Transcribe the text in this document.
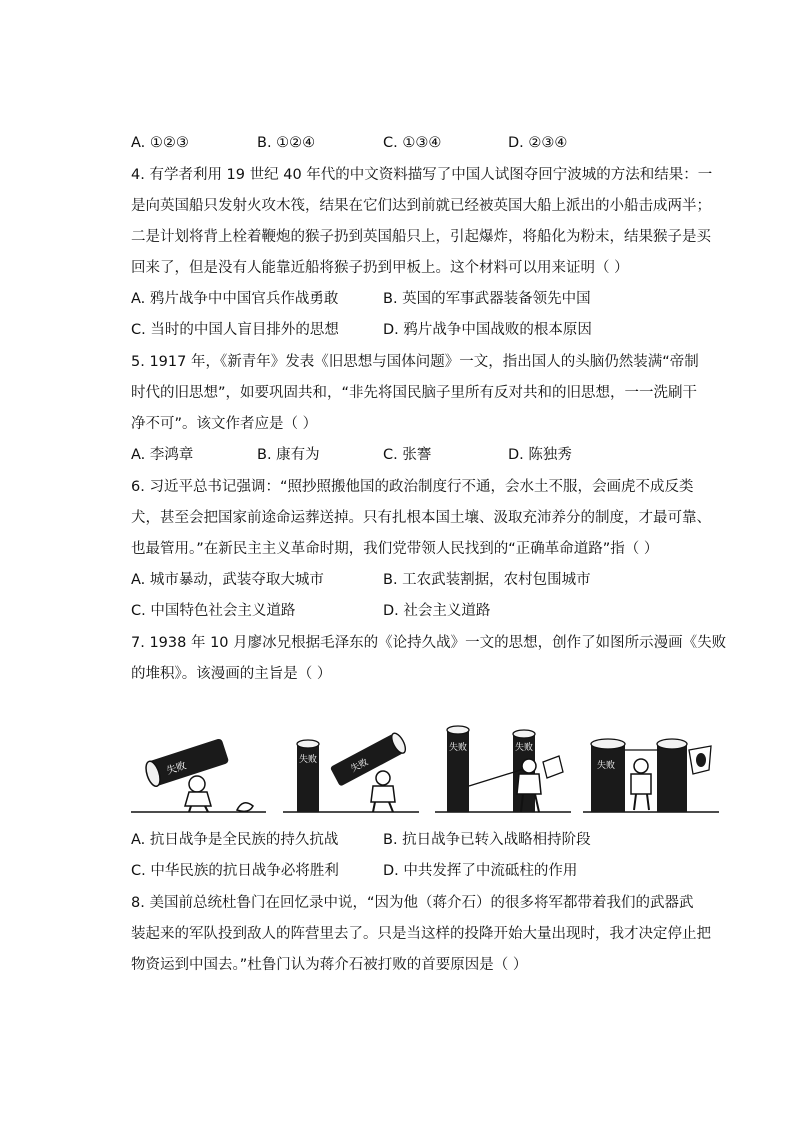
A. ①②③	B. ①②④	C. ①③④	D. ②③④
4. 有学者利用 19 世纪 40 年代的中文资料描写了中国人试图夺回宁波城的方法和结果：一
是向英国船只发射火攻木筏，结果在它们达到前就已经被英国大船上派出的小船击成两半；
二是计划将背上栓着鞭炮的猴子扔到英国船只上，引起爆炸，将船化为粉末，结果猴子是买
回来了，但是没有人能靠近船将猴子扔到甲板上。这个材料可以用来证明（ ）
A. 鸦片战争中中国官兵作战勇敢	B. 英国的军事武器装备领先中国
C. 当时的中国人盲目排外的思想	D. 鸦片战争中国战败的根本原因
5. 1917 年，《新青年》发表《旧思想与国体问题》一文，指出国人的头脑仍然装满“帝制
时代的旧思想”，如要巩固共和，“非先将国民脑子里所有反对共和的旧思想，一一洗刷干
净不可”。该文作者应是（ ）
A. 李鸿章	B. 康有为	C. 张謇	D. 陈独秀
6. 习近平总书记强调：“照抄照搬他国的政治制度行不通，会水土不服，会画虎不成反类
犬，甚至会把国家前途命运葬送掉。只有扎根本国土壤、汲取充沛养分的制度，才最可靠、
也最管用。”在新民主主义革命时期，我们党带领人民找到的“正确革命道路”指（ ）
A. 城市暴动，武装夺取大城市	B. 工农武装割据，农村包围城市
C. 中国特色社会主义道路	D. 社会主义道路
7. 1938 年 10 月廖冰兄根据毛泽东的《论持久战》一文的思想，创作了如图所示漫画《失败
的堆积》。该漫画的主旨是（ ）
失败
失败	失败
失败	失败
失败
A. 抗日战争是全民族的持久抗战	B. 抗日战争已转入战略相持阶段
C. 中华民族的抗日战争必将胜利	D. 中共发挥了中流砥柱的作用
8. 美国前总统杜鲁门在回忆录中说，“因为他（蒋介石）的很多将军都带着我们的武器武
装起来的军队投到敌人的阵营里去了。只是当这样的投降开始大量出现时，我才决定停止把
物资运到中国去。”杜鲁门认为蒋介石被打败的首要原因是（ ）
